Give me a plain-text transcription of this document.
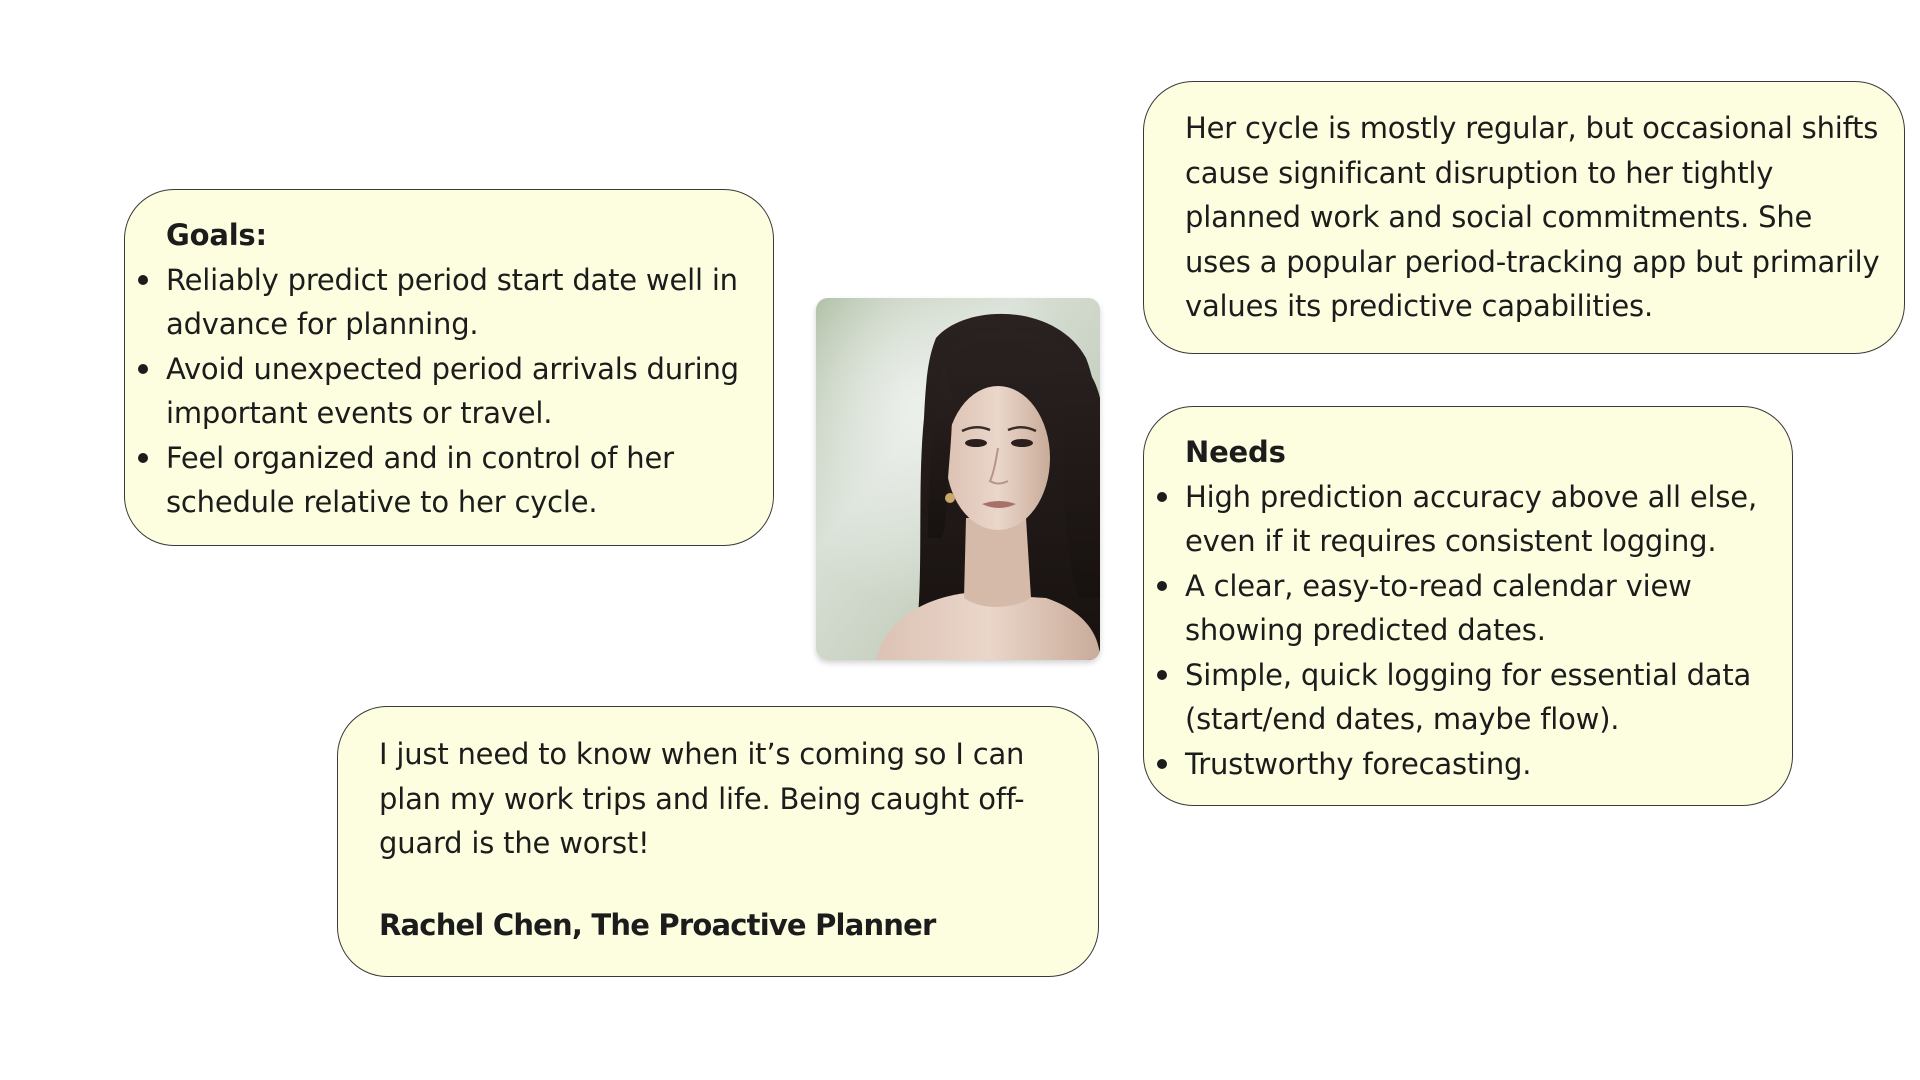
Goals:

Reliably predict period start date well in advance for planning.
Avoid unexpected period arrivals during important events or travel.
Feel organized and in control of her schedule relative to her cycle.
Her cycle is mostly regular, but occasional shifts cause significant disruption to her tightly planned work and social commitments. She uses a popular period-tracking app but primarily values its predictive capabilities.

Needs

High prediction accuracy above all else, even if it requires consistent logging.
A clear, easy-to-read calendar view showing predicted dates.
Simple, quick logging for essential data (start/end dates, maybe flow).
Trustworthy forecasting.

I just need to know when it’s coming so I can plan my work trips and life. Being caught off-guard is the worst!

Rachel Chen, The Proactive Planner
